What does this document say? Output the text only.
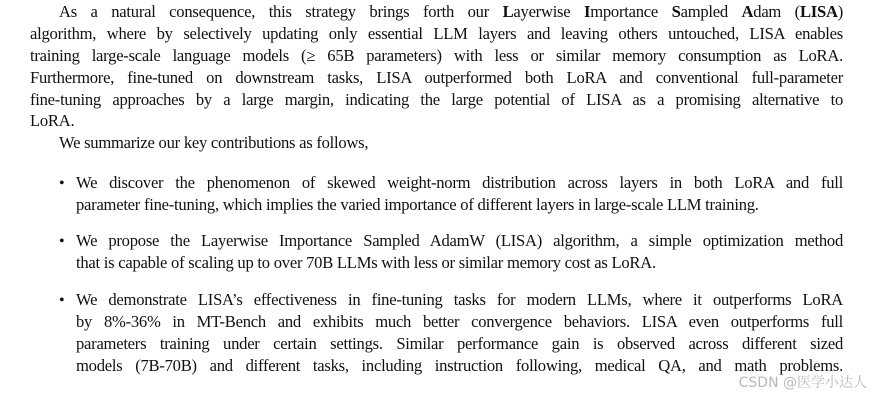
As a natural consequence, this strategy brings forth our Layerwise Importance Sampled Adam (LISA)
algorithm, where by selectively updating only essential LLM layers and leaving others untouched, LISA enables
training large-scale language models (≥ 65B parameters) with less or similar memory consumption as LoRA.
Furthermore, fine-tuned on downstream tasks, LISA outperformed both LoRA and conventional full-parameter
fine-tuning approaches by a large margin, indicating the large potential of LISA as a promising alternative to
LoRA.
We summarize our key contributions as follows,
• We discover the phenomenon of skewed weight-norm distribution across layers in both LoRA and full
parameter fine-tuning, which implies the varied importance of different layers in large-scale LLM training.
• We propose the Layerwise Importance Sampled AdamW (LISA) algorithm, a simple optimization method
that is capable of scaling up to over 70B LLMs with less or similar memory cost as LoRA.
• We demonstrate LISA’s effectiveness in fine-tuning tasks for modern LLMs, where it outperforms LoRA
by 8%-36% in MT-Bench and exhibits much better convergence behaviors. LISA even outperforms full
parameters training under certain settings. Similar performance gain is observed across different sized
models (7B-70B) and different tasks, including instruction following, medical QA, and math problems.
CSDN @医学小达人
